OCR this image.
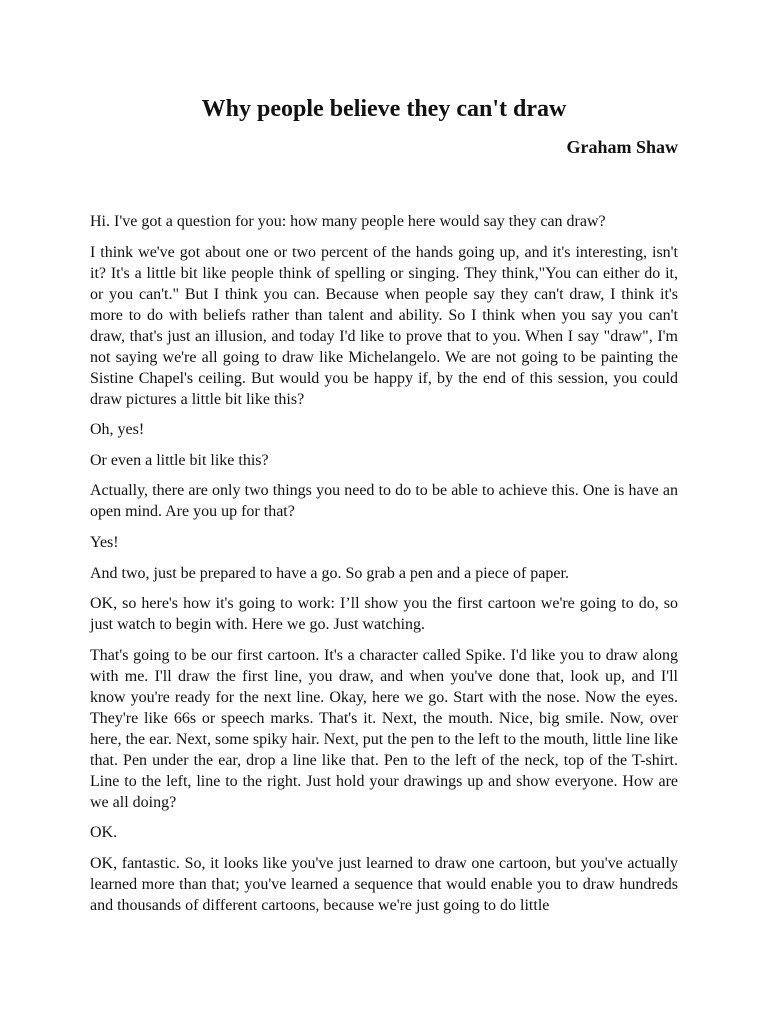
Why people believe they can't draw

Graham Shaw

Hi. I've got a question for you: how many people here would say they can draw?

I think we've got about one or two percent of the hands going up, and it's interesting, isn't it? It's a little bit like people think of spelling or singing. They think,"You can either do it, or you can't." But I think you can. Because when people say they can't draw, I think it's more to do with beliefs rather than talent and ability. So I think when you say you can't draw, that's just an illusion, and today I'd like to prove that to you. When I say "draw", I'm not saying we're all going to draw like Michelangelo. We are not going to be painting the Sistine Chapel's ceiling. But would you be happy if, by the end of this session, you could draw pictures a little bit like this?

Oh, yes!

Or even a little bit like this?

Actually, there are only two things you need to do to be able to achieve this. One is have an open mind. Are you up for that?

Yes!

And two, just be prepared to have a go. So grab a pen and a piece of paper.

OK, so here's how it's going to work: I’ll show you the first cartoon we're going to do, so just watch to begin with. Here we go. Just watching.

That's going to be our first cartoon. It's a character called Spike. I'd like you to draw along with me. I'll draw the first line, you draw, and when you've done that, look up, and I'll know you're ready for the next line. Okay, here we go. Start with the nose. Now the eyes. They're like 66s or speech marks. That's it. Next, the mouth. Nice, big smile. Now, over here, the ear. Next, some spiky hair. Next, put the pen to the left to the mouth, little line like that. Pen under the ear, drop a line like that. Pen to the left of the neck, top of the T-shirt. Line to the left, line to the right. Just hold your drawings up and show everyone. How are we all doing?

OK.

OK, fantastic. So, it looks like you've just learned to draw one cartoon, but you've actually learned more than that; you've learned a sequence that would enable you to draw hundreds and thousands of different cartoons, because we're just going to do little
